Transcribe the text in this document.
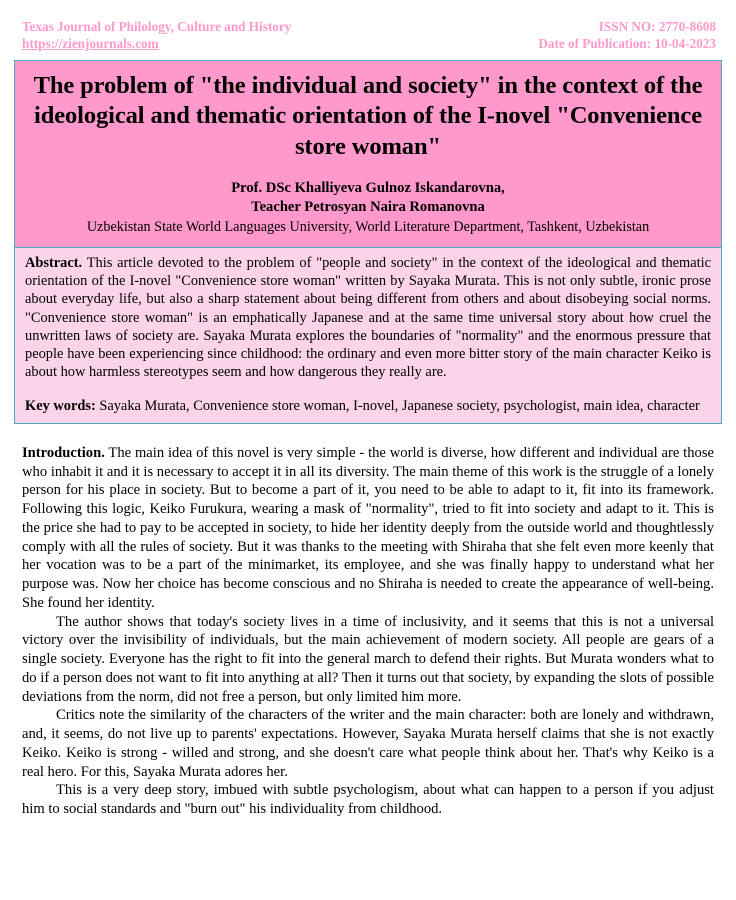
Texas Journal of Philology, Culture and History
https://zienjournals.com
ISSN NO: 2770-8608
Date of Publication: 10-04-2023
The problem of "the individual and society" in the context of the ideological and thematic orientation of the I-novel "Convenience store woman"
Prof. DSc Khalliyeva Gulnoz Iskandarovna,
Teacher Petrosyan Naira Romanovna
Uzbekistan State World Languages University, World Literature Department, Tashkent, Uzbekistan

Abstract. This article devoted to the problem of "people and society" in the context of the ideological and thematic orientation of the I-novel "Convenience store woman" written by Sayaka Murata. This is not only subtle, ironic prose about everyday life, but also a sharp statement about being different from others and about disobeying social norms. "Convenience store woman" is an emphatically Japanese and at the same time universal story about how cruel the unwritten laws of society are. Sayaka Murata explores the boundaries of "normality" and the enormous pressure that people have been experiencing since childhood: the ordinary and even more bitter story of the main character Keiko is about how harmless stereotypes seem and how dangerous they really are.

Key words: Sayaka Murata, Convenience store woman, I-novel, Japanese society, psychologist, main idea, character

Introduction. The main idea of this novel is very simple - the world is diverse, how different and individual are those who inhabit it and it is necessary to accept it in all its diversity. The main theme of this work is the struggle of a lonely person for his place in society. But to become a part of it, you need to be able to adapt to it, fit into its framework. Following this logic, Keiko Furukura, wearing a mask of "normality", tried to fit into society and adapt to it. This is the price she had to pay to be accepted in society, to hide her identity deeply from the outside world and thoughtlessly comply with all the rules of society. But it was thanks to the meeting with Shiraha that she felt even more keenly that her vocation was to be a part of the minimarket, its employee, and she was finally happy to understand what her purpose was. Now her choice has become conscious and no Shiraha is needed to create the appearance of well-being. She found her identity.

The author shows that today's society lives in a time of inclusivity, and it seems that this is not a universal victory over the invisibility of individuals, but the main achievement of modern society. All people are gears of a single society. Everyone has the right to fit into the general march to defend their rights. But Murata wonders what to do if a person does not want to fit into anything at all? Then it turns out that society, by expanding the slots of possible deviations from the norm, did not free a person, but only limited him more.

Critics note the similarity of the characters of the writer and the main character: both are lonely and withdrawn, and, it seems, do not live up to parents' expectations. However, Sayaka Murata herself claims that she is not exactly Keiko. Keiko is strong - willed and strong, and she doesn't care what people think about her. That's why Keiko is a real hero. For this, Sayaka Murata adores her.

This is a very deep story, imbued with subtle psychologism, about what can happen to a person if you adjust him to social standards and "burn out" his individuality from childhood.
